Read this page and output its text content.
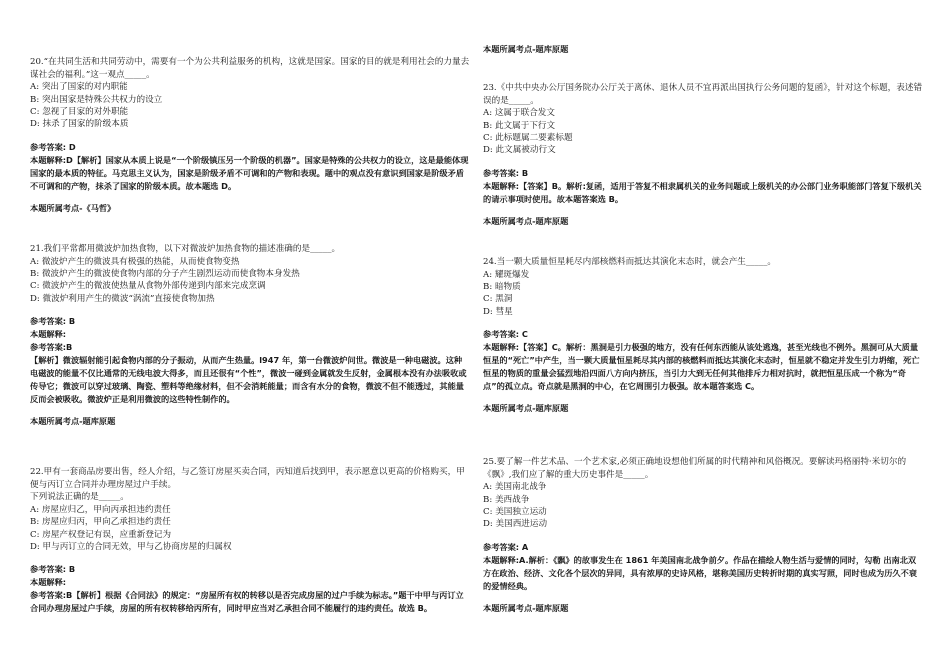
20.“在共同生活和共同劳动中，需要有一个为公共利益服务的机构，这就是国家。国家的目的就是利用社会的力量去谋社会的福利。”这一观点_____。

A: 突出了国家的对内职能

B: 突出国家是特殊公共权力的设立

C: 忽视了目家的对外职能

D: 抹杀了国家的阶级本质

参考答案: D

本题解释:D【解析】国家从本质上说是“一个阶级镇压另一个阶级的机器”。国家是特殊的公共权力的设立，这是最能体现国家的最本质的特征。马克思主义认为，国家是阶级矛盾不可调和的产物和表现。题中的观点没有意识到国家是阶级矛盾不可调和的产物，抹杀了国家的阶级本质。故本题选 D。

本题所属考点-《马哲》

21.我们平常都用微波炉加热食物，以下对微波炉加热食物的描述准确的是_____。

A: 微波炉产生的微波具有极强的热能，从而使食物变热

B: 微波炉产生的微波使食物内部的分子产生剧烈运动而使食物本身发热

C: 微波炉产生的微波使热量从食物外部传递到内部来完成烹调

D: 微波炉利用产生的微波“涡流”直接使食物加热

参考答案: B

本题解释:

参考答案:B

【解析】微波辐射能引起食物内部的分子振动，从而产生热量。l947 年，第一台微波炉问世。微波是一种电磁波。这种电磁波的能量不仅比通常的无线电波大得多，而且还很有“个性”，微波一碰到金属就发生反射，金属根本没有办法吸收或传导它；微波可以穿过玻璃、陶瓷、塑料等绝缘材料，但不会消耗能量；而含有水分的食物，微波不但不能透过，其能量反而会被吸收。微波炉正是利用微波的这些特性制作的。

本题所属考点-题库原题

22.甲有一套商品房要出售，经人介绍，与乙签订房屋买卖合同，丙知道后找到甲，表示愿意以更高的价格购买，甲便与丙订立合同并办理房屋过户手续。

下列说法正确的是_____。

A: 房屋应归乙，甲向丙承担违约责任

B: 房屋应归丙，甲向乙承担违约责任

C: 房屋产权登记有误，应重新登记为

D: 甲与丙订立的合同无效，甲与乙协商房屋的归属权

参考答案: B

本题解释:

参考答案:B【解析】根据《合同法》的规定：“房屋所有权的转移以是否完成房屋的过户手续为标志。”题干中甲与丙订立合同办理房屋过户手续，房屋的所有权转移给丙所有，同时甲应当对乙承担合同不能履行的违约责任。故选 B。

本题所属考点-题库原题

23.《中共中央办公厅国务院办公厅关于离休、退休人员不宜再派出国执行公务问题的复函》，针对这个标题，表述错误的是_____。

A: 这属于联合发文

B: 此文属于下行文

C: 此标题属二要素标题

D: 此文属被动行文

参考答案: B

本题解释:【答案】B。解析:复函，适用于答复不相隶属机关的业务问题或上级机关的办公部门业务职能部门答复下级机关的请示事项时使用。故本题答案选 B。

本题所属考点-题库原题

24.当一颗大质量恒星耗尽内部核燃料而抵达其演化末态时，就会产生_____。

A: 耀斑爆发

B: 暗物质

C: 黑洞

D: 彗星

参考答案: C

本题解释:【答案】C。解析：黑洞是引力极强的地方，没有任何东西能从该处逃逸，甚至光线也不例外。黑洞可从大质量恒星的“死亡”中产生，当一颗大质量恒星耗尽其内部的核燃料而抵达其演化末态时，恒星就不稳定并发生引力坍缩，死亡恒星的物质的重量会猛烈地沿四面八方向内挤压，当引力大到无任何其他排斥力相对抗时，就把恒星压成一个称为“奇点”的孤立点。奇点就是黑洞的中心，在它周围引力极强。故本题答案选 C。

本题所属考点-题库原题

25.要了解一件艺术品、一个艺术家,必须正确地设想他们所属的时代精神和风俗概况。要解读玛格丽特·米切尔的《飘》,我们应了解的重大历史事件是_____。

A: 美国南北战争

B: 美西战争

C: 美国独立运动

D: 美国西进运动

参考答案: A

本题解释:A.解析：《飘》的故事发生在 1861 年美国南北战争前夕。作品在描绘人物生活与爱情的同时，勾勒 出南北双方在政治、经济、文化各个层次的异同，具有浓厚的史诗风格，堪称美国历史转折时期的真实写照，同时也成为历久不衰的爱情经典。

本题所属考点-题库原题
